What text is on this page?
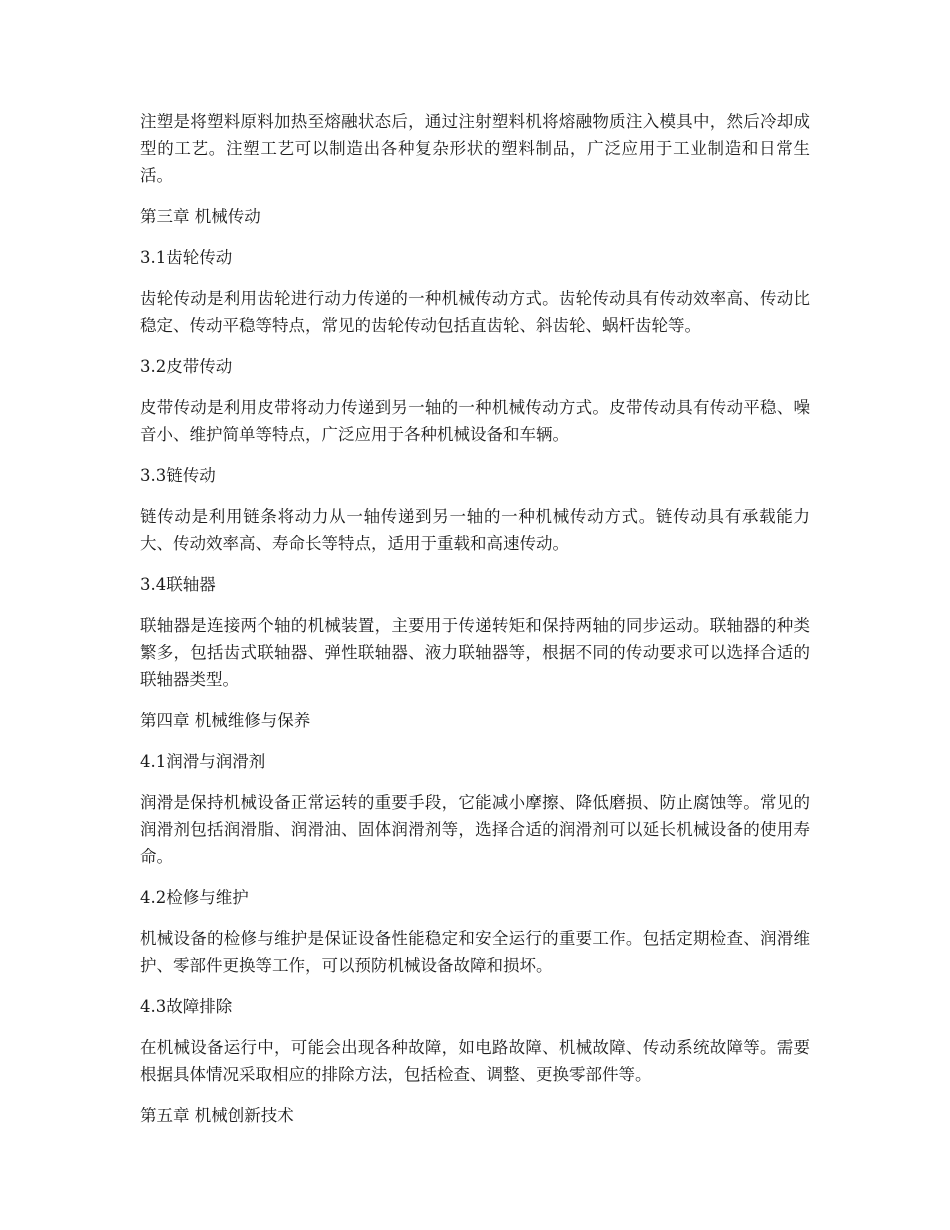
注塑是将塑料原料加热至熔融状态后，通过注射塑料机将熔融物质注入模具中，然后冷却成型的工艺。注塑工艺可以制造出各种复杂形状的塑料制品，广泛应用于工业制造和日常生活。

第三章 机械传动

3.1齿轮传动

齿轮传动是利用齿轮进行动力传递的一种机械传动方式。齿轮传动具有传动效率高、传动比稳定、传动平稳等特点，常见的齿轮传动包括直齿轮、斜齿轮、蜗杆齿轮等。

3.2皮带传动

皮带传动是利用皮带将动力传递到另一轴的一种机械传动方式。皮带传动具有传动平稳、噪音小、维护简单等特点，广泛应用于各种机械设备和车辆。

3.3链传动

链传动是利用链条将动力从一轴传递到另一轴的一种机械传动方式。链传动具有承载能力大、传动效率高、寿命长等特点，适用于重载和高速传动。

3.4联轴器

联轴器是连接两个轴的机械装置，主要用于传递转矩和保持两轴的同步运动。联轴器的种类繁多，包括齿式联轴器、弹性联轴器、液力联轴器等，根据不同的传动要求可以选择合适的联轴器类型。

第四章 机械维修与保养

4.1润滑与润滑剂

润滑是保持机械设备正常运转的重要手段，它能减小摩擦、降低磨损、防止腐蚀等。常见的润滑剂包括润滑脂、润滑油、固体润滑剂等，选择合适的润滑剂可以延长机械设备的使用寿命。

4.2检修与维护

机械设备的检修与维护是保证设备性能稳定和安全运行的重要工作。包括定期检查、润滑维护、零部件更换等工作，可以预防机械设备故障和损坏。

4.3故障排除

在机械设备运行中，可能会出现各种故障，如电路故障、机械故障、传动系统故障等。需要根据具体情况采取相应的排除方法，包括检查、调整、更换零部件等。

第五章 机械创新技术
